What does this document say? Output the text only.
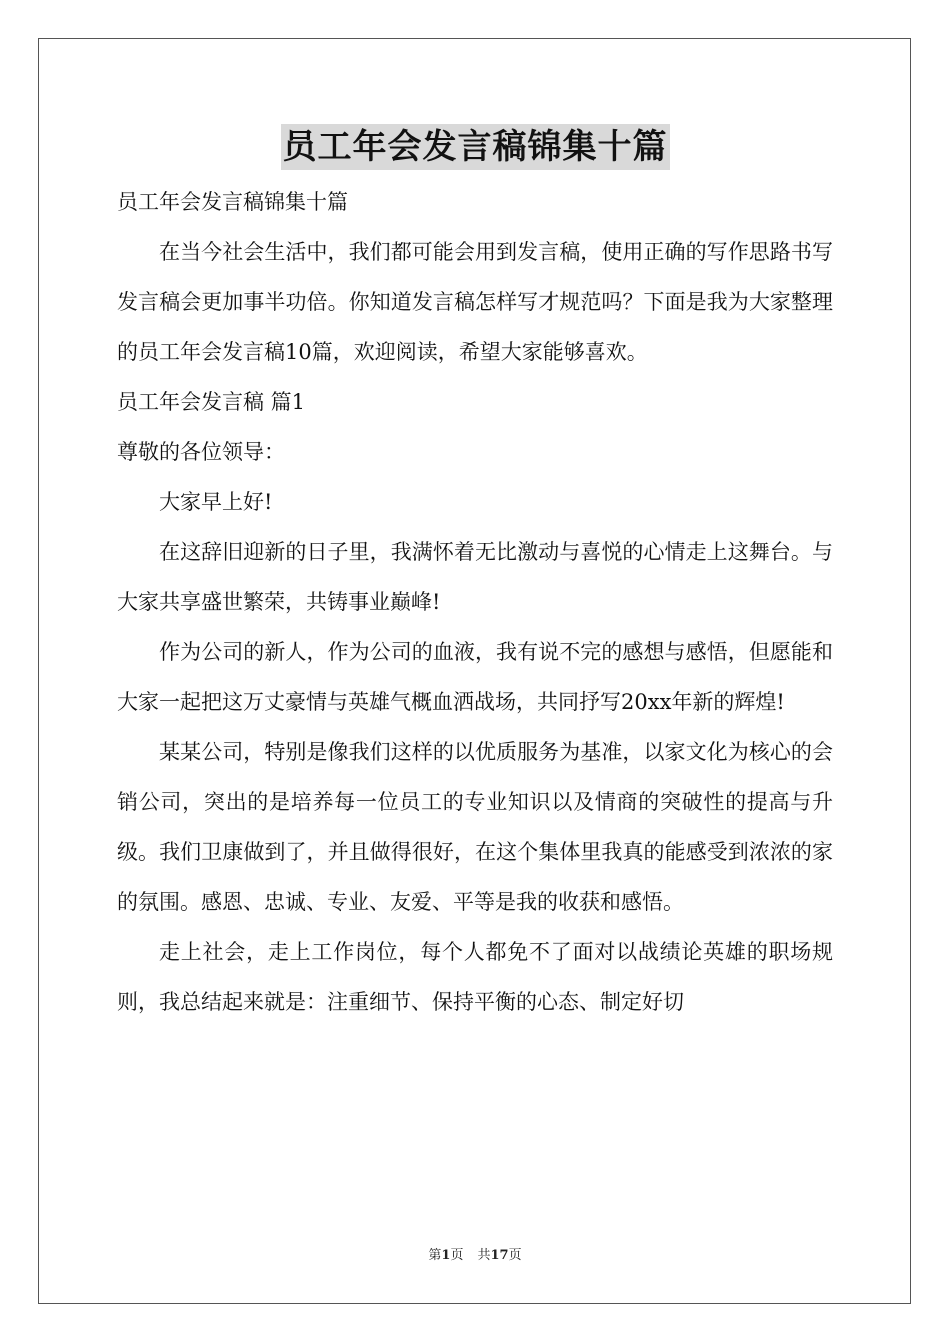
员工年会发言稿锦集十篇

员工年会发言稿锦集十篇

在当今社会生活中，我们都可能会用到发言稿，使用正确的写作思路书写发言稿会更加事半功倍。你知道发言稿怎样写才规范吗？下面是我为大家整理的员工年会发言稿10篇，欢迎阅读，希望大家能够喜欢。

员工年会发言稿 篇1

尊敬的各位领导：

大家早上好!

在这辞旧迎新的日子里，我满怀着无比激动与喜悦的心情走上这舞台。与大家共享盛世繁荣，共铸事业巅峰!

作为公司的新人，作为公司的血液，我有说不完的感想与感悟，但愿能和大家一起把这万丈豪情与英雄气概血洒战场，共同抒写20xx年新的辉煌!

某某公司，特别是像我们这样的以优质服务为基准，以家文化为核心的会销公司，突出的是培养每一位员工的专业知识以及情商的突破性的提高与升级。我们卫康做到了，并且做得很好，在这个集体里我真的能感受到浓浓的家的氛围。感恩、忠诚、专业、友爱、平等是我的收获和感悟。

走上社会，走上工作岗位，每个人都免不了面对以战绩论英雄的职场规则，我总结起来就是：注重细节、保持平衡的心态、制定好切

第1页 共17页
